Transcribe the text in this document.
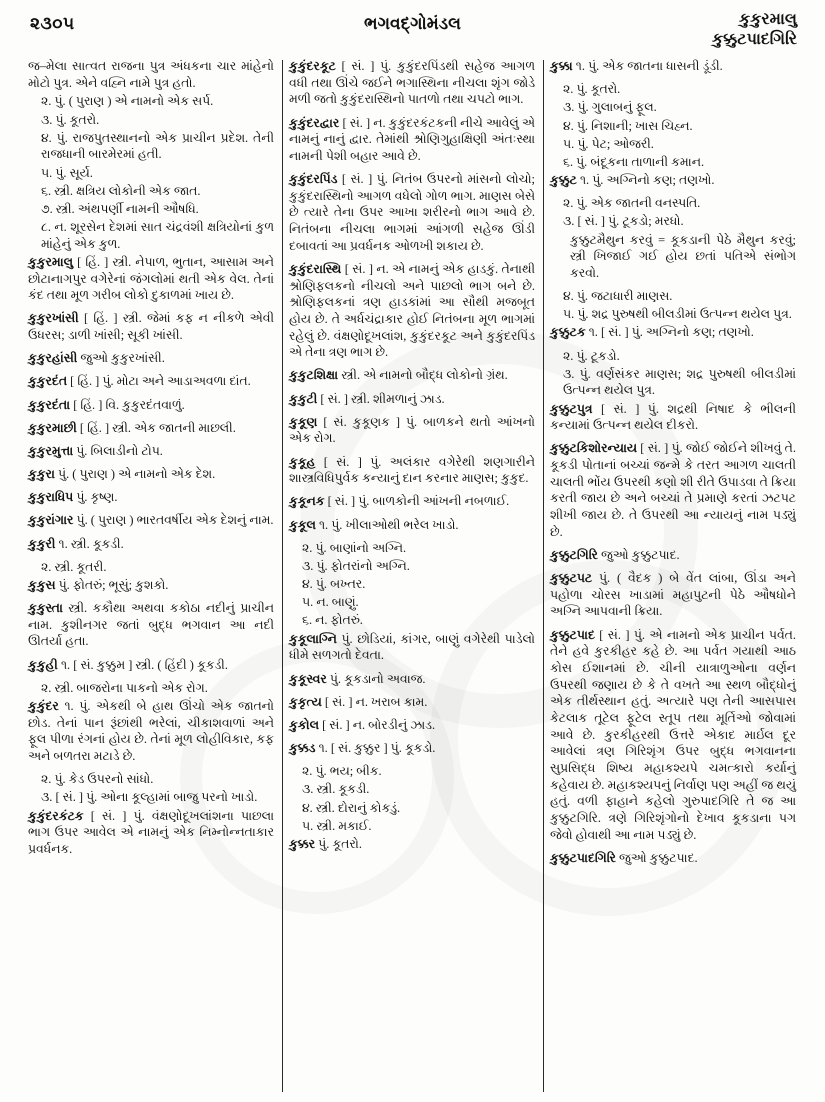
૨૩૦૫	ભગવદ્ગોમંડલ	કુકુરમાલુ
કુક્કુટપાદગિરિ

જ–મેલા સાત્વત રાજના પુત્ર અંધકના ચાર માંહેનો મોટો પુત્ર. એને વહ્નિ નામે પુત્ર હતો.

૨. પું. ( પુરાણ ) એ નામનો એક સર્પ.

૩. પું. કૂતરો.

૪. પું. રાજપુતસ્થાનનો એક પ્રાચીન પ્રદેશ. તેની રાજધાની બારમેરમાં હતી.

૫. પું. સૂર્ય.

૬. સ્ત્રી. ક્ષત્રિય લોકોની એક જાત.

૭. સ્ત્રી. અંથપર્ણી નામની ઔષધિ.

૮. ન. શૂરસેન દેશમાં સાત ચંદ્રવંશી ક્ષત્રિયોનાં કુળ માંહેનું એક કુળ.

કુકુરમાલુ [ હિં. ] સ્ત્રી. નેપાળ, ભુતાન, આસામ અને છોટાનાગપુર વગેરેનાં જંગલોમાં થતી એક વેલ. તેનાં કંદ તથા મૂળ ગરીબ લોકો દુકાળમાં ખાય છે.

કુકુરખાંસી [ હિં. ] સ્ત્રી. જેમાં કફ ન નીકળે એવી ઉધરસ; ડાળી ખાંસી; સૂકી ખાંસી.

કુકુરહાંસી જુઓ કુકુરખાંસી.

કુકુરદંત [ હિં. ] પું. મોટા અને આડાઅવળા દાંત.

કુકુરદંતા [ હિં. ] વિ. કુકુરદંતવાળું.

કુકુરમાછી [ હિં. ] સ્ત્રી. એક જાતની માછલી.

કુકુરમુત્તા પું. બિલાડીનો ટોપ.

કુકુરા પું. ( પુરાણ ) એ નામનો એક દેશ.

કુકુરાધિપ પું. કૃષ્ણ.

કુકુરાંગાર પું. ( પુરાણ ) ભારતવર્ષીય એક દેશનું નામ.

કુકુરી ૧. સ્ત્રી. કૂકડી.

૨. સ્ત્રી. કૂતરી.

કુકુસ પું. ફોતરું; ભૂસું; કુશકો.

કુકુસ્તા સ્ત્રી. કકૌથા અથવા કકોઠા નદીનું પ્રાચીન નામ. કુશીનગર જતાં બુદ્ધ ભગવાન આ નદી ઊતર્યા હતા.

કુકુહી ૧. [ સં. કુક્કુમ ] સ્ત્રી. ( હિંદી ) કૂકડી.

૨. સ્ત્રી. બાજરોના પાકનો એક રોગ.

કુકુંદર ૧. પું. એકથી બે હાથ ઊંચો એક જાતનો છોડ. તેનાં પાન રૂંછાંથી ભરેલાં, ચીકાશવાળાં અને ફૂલ પીળા રંગનાં હોય છે. તેનાં મૂળ લોહીવિકાર, કફ અને બળતરા મટાડે છે.

૨. પું. કેડ ઉપરનો સાંધો.

૩. [ સં. ] પું. ઓના કૂલ્હામાં બાજુ પરનો ખાડો.

કુકુંદરકંટક [ સં. ] પું. વંક્ષણોદૂખલાંશના પાછલા ભાગ ઉપર આવેલ એ નામનું એક નિમ્નોન્નતાકાર પ્રવર્ધનક.

કુકુંદરકૂટ [ સં. ] પું. કુકુંદરપિંડથી સહેજ આગળ વધી તથા ઊંચે જઈને ભગાસ્થિના નીચલા શૃંગ જોડે મળી જતો કુકુંદરાસ્થિનો પાતળો તથા ચપટો ભાગ.

કુકુંદરદ્વાર [ સં. ] ન. કુકુંદરકંટકની નીચે આવેલું એ નામનું નાનું દ્વાર. તેમાંથી શ્રોણિગુહાક્ષિણી અંતઃસ્થા નામની પેશી બહાર આવે છે.

કુકુંદરપિંડ [ સં. ] પું. નિતંબ ઉપરનો માંસનો લોચો; કુકુંદરાસ્થિનો આગળ વધેલો ગોળ ભાગ. માણસ બેસે છે ત્યારે તેના ઉપર આખા શરીરનો ભાગ આવે છે. નિતંબના નીચલા ભાગમાં આંગળી સહેજ ઊંડી દબાવતાં આ પ્રવર્ધનક ઓળખી શકાય છે.

કુકુંદરાસ્થિ [ સં. ] ન. એ નામનું એક હાડકું. તેનાથી શ્રોણિફલકનો નીચલો અને પાછલો ભાગ બને છે. શ્રોણિફલકનાં ત્રણ હાડકાંમાં આ સૌથી મજબૂત હોય છે. તે અર્ધચંદ્રાકાર હોઈ નિતંબના મૂળ ભાગમાં રહેલું છે. વંક્ષણોદૂખલાંશ, કુકુંદરકૂટ અને કુકુંદરપિંડ એ તેના ત્રણ ભાગ છે.

કુકુટશિક્ષા સ્ત્રી. એ નામનો બૌદ્ધ લોકોનો ગ્રંથ.

કુકુટી [ સં. ] સ્ત્રી. શીમળાનું ઝાડ.

કુકૂણ [ સં. કુકૂણક ] પું. બાળકને થતો આંખનો એક રોગ.

કુકૂહ [ સં. ] પું. અલંકાર વગેરેથી શણગારીને શાસ્ત્રવિધિપુર્વક કન્યાનું દાન કરનાર માણસ; કુકુદ.

કુકૂનક [ સં. ] પું. બાળકોની આંખની નબળાઈ.

કુકૂલ ૧. પું. ખીલાઓથી ભરેલ ખાડો.

૨. પું. બાણાંનો અગ્નિ.

૩. પું. ફોતરાંનો અગ્નિ.

૪. પું. બખ્તર.

૫. ન. બાણું.

૬. ન. ફોતરું.

કુકૂલાગ્નિ પું. છોડિયાં, કાંગર, બાણું વગેરેથી પાડેલો ધીમે સળગતો દેવતા.

કુકૂસ્વર પું. કૂકડાનો અવાજ.

કુકૃત્ય [ સં. ] ન. ખરાબ કામ.

કુકોલ [ સં. ] ન. બોરડીનું ઝાડ.

કુક્કડ ૧. [ સં. કુક્કુર ] પું. કૂકડો.

૨. પું. ભય; બીક.

૩. સ્ત્રી. કૂકડી.

૪. સ્ત્રી. દોરાનું કોકડું.

૫. સ્ત્રી. મકાઈ.

કુક્કર પું. કૂતરો.

કુક્કા ૧. પું. એક જાતના ધાસની ડૂંડી.

૨. પું. કૂતરો.

૩. પું. ગુલાબનું ફૂલ.

૪. પું. નિશાની; ખાસ ચિહ્ન.

૫. પું. પેટ; ઓજરી.

૬. પું. બંદૂકના તાળાની કમાન.

કુક્કુટ ૧. પું. અગ્નિનો કણ; તણખો.

૨. પું. એક જાતની વનસ્પતિ.

૩. [ સં. ] પું. ટૂકડો; મરધો.

કુક્કુટમૈથુન કરવું = કૂકડાની પેઠે મૈથુન કરવું; સ્ત્રી ખિજાઈ ગઈ હોય છતાં પતિએ સંભોગ કરવો.

૪. પું. જટાધારી માણસ.

૫. પું. શદ્ર પુરુષથી બીલડીમાં ઉત્પન્ન થયેલ પુત્ર.

કુક્કુટક ૧. [ સં. ] પું. અગ્નિનો કણ; તણખો.

૨. પું. ટૂકડો.

૩. પું. વર્ણસંકર માણસ; શદ્ર પુરુષથી બીલડીમાં ઉત્પન્ન થયેલ પુત્ર.

કુક્કુટપુત્ર [ સં. ] પું. શદ્રથી નિષાદ કે ભીલની કન્યામાં ઉત્પન્ન થયેલ દીકરો.

કુક્કુટકિશોરન્યાય [ સં. ] પું. જોઈ જોઈને શીખવું તે. કૂકડી પોતાનાં બચ્ચાં જન્મે કે તરત આગળ ચાલતી ચાલતી ભોંય ઉપરથી કણો શી રીતે ઉપાડવા તે ક્રિયા કરતી જાય છે અને બચ્ચાં તે પ્રમાણે કરતાં ઝટપટ શીખી જાય છે. તે ઉપરથી આ ન્યાયનું નામ પડ્યું છે.

કુક્કુટગિરિ જુઓ કુક્કુટપાદ.

કુક્કુટપટ પું. ( વૈદક ) બે વેંત લાંબા, ઊંડા અને પહોળા ચોરસ ખાડામાં મહાપુટની પેઠે ઔષધોને અગ્નિ આપવાની ક્રિયા.

કુક્કુટપાદ [ સં. ] પું. એ નામનો એક પ્રાચીન પર્વત. તેને હવે કુરકીહર કહે છે. આ પર્વત ગયાથી આઠ કોસ ઈશાનમાં છે. ચીની યાત્રાળુઓના વર્ણન ઉપરથી જણાય છે કે તે વખતે આ સ્થળ બૌદ્ધોનું એક તીર્થસ્થાન હતું. અત્યારે પણ તેની આસપાસ કેટલાક તૂટેલ ફૂટેલ સ્તૂપ તથા મૂર્તિઓ જોવામાં આવે છે. કુરકીહરથી ઉત્તરે એકાદ માર્ઇલ દૂર આવેલાં ત્રણ ગિરિશૃંગ ઉપર બુદ્ધ ભગવાનના સુપ્રસિદ્ધ શિષ્ય મહાકશ્યપે ચમત્કારો કર્યાનું કહેવાય છે. મહાકશ્યપનું નિર્વાણ પણ અહીં જ થયું હતું. વળી ફાહાને કહેલો ગુરુપાદગિરિ તે જ આ કુક્કુટગિરિ. ત્રણે ગિરિશૃંગોનો દેખાવ કૂકડાના પગ જેવો હોવાથી આ નામ પડ્યું છે.

કુક્કુટપાદગિરિ જુઓ કુક્કુટપાદ.
